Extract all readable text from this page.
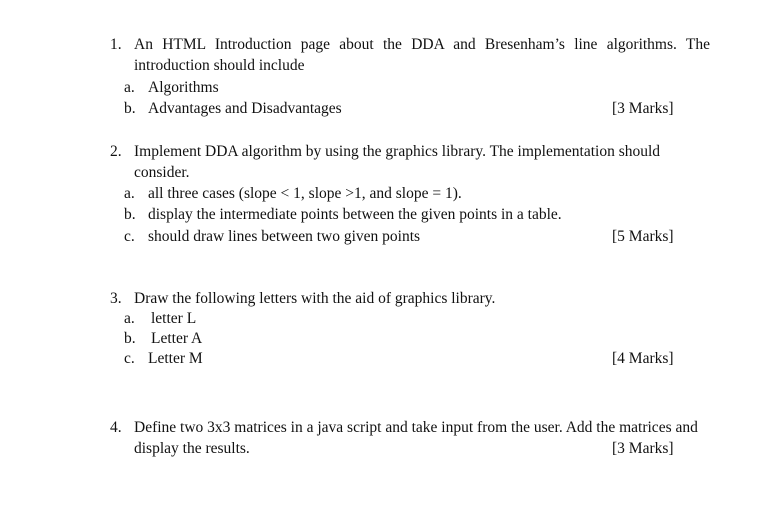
1. An HTML Introduction page about the DDA and Bresenham’s line algorithms. The
introduction should include
a. Algorithms
b. Advantages and Disadvantages	[3 Marks]
2. Implement DDA algorithm by using the graphics library. The implementation should
consider.
a. all three cases (slope < 1, slope >1, and slope = 1).
b. display the intermediate points between the given points in a table.
c. should draw lines between two given points	[5 Marks]
3. Draw the following letters with the aid of graphics library.
a. letter L
b. Letter A
c. Letter M	[4 Marks]
4. Define two 3x3 matrices in a java script and take input from the user. Add the matrices and
display the results.	[3 Marks]
